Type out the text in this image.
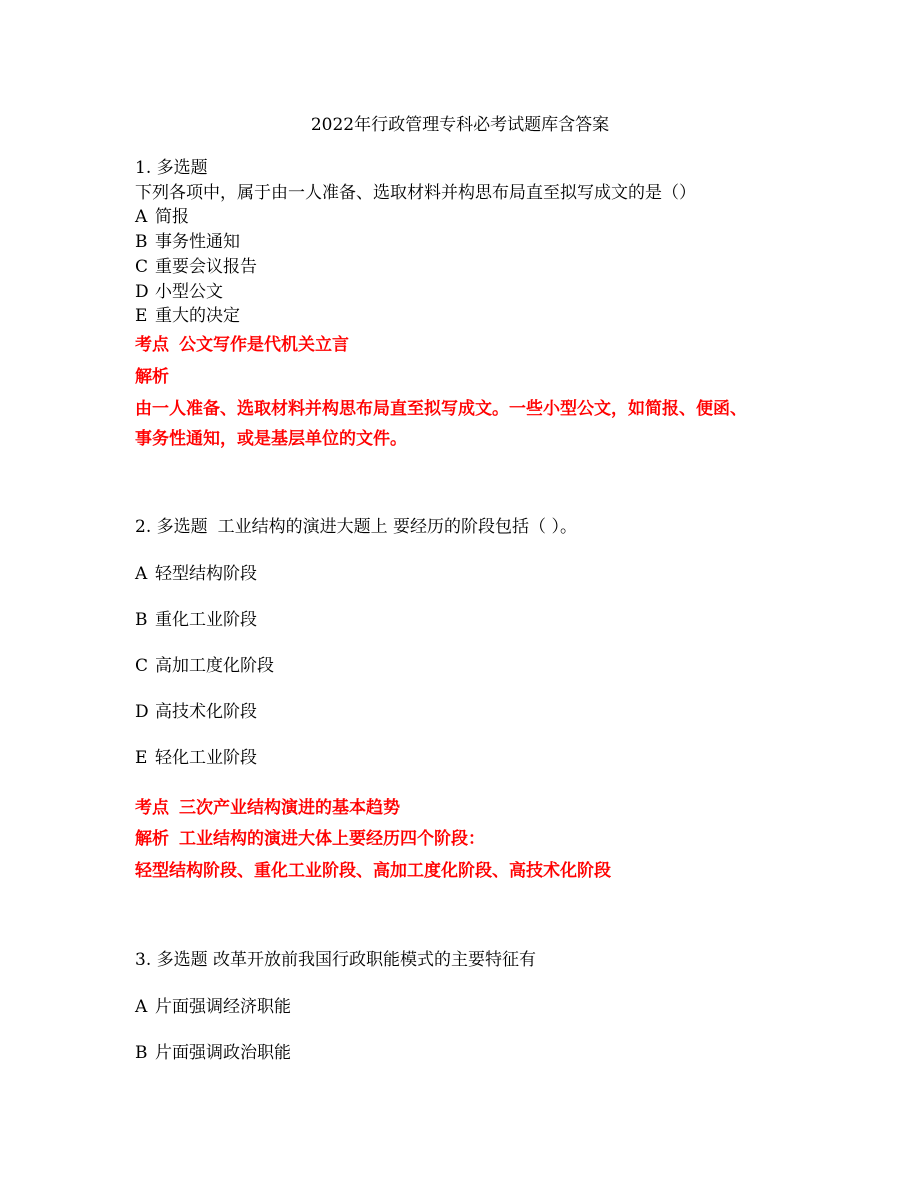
2022年行政管理专科必考试题库含答案
1. 多选题
下列各项中，属于由一人准备、选取材料并构思布局直至拟写成文的是（）
A 简报
B 事务性通知
C 重要会议报告
D 小型公文
E 重大的决定
考点 公文写作是代机关立言
解析
由一人准备、选取材料并构思布局直至拟写成文。一些小型公文，如简报、便函、
事务性通知，或是基层单位的文件。
2. 多选题 工业结构的演进大题上 要经历的阶段包括（ ）。
A 轻型结构阶段
B 重化工业阶段
C 高加工度化阶段
D 高技术化阶段
E 轻化工业阶段
考点 三次产业结构演进的基本趋势
解析 工业结构的演进大体上要经历四个阶段：
轻型结构阶段、重化工业阶段、高加工度化阶段、高技术化阶段
3. 多选题 改革开放前我国行政职能模式的主要特征有
A 片面强调经济职能
B 片面强调政治职能
